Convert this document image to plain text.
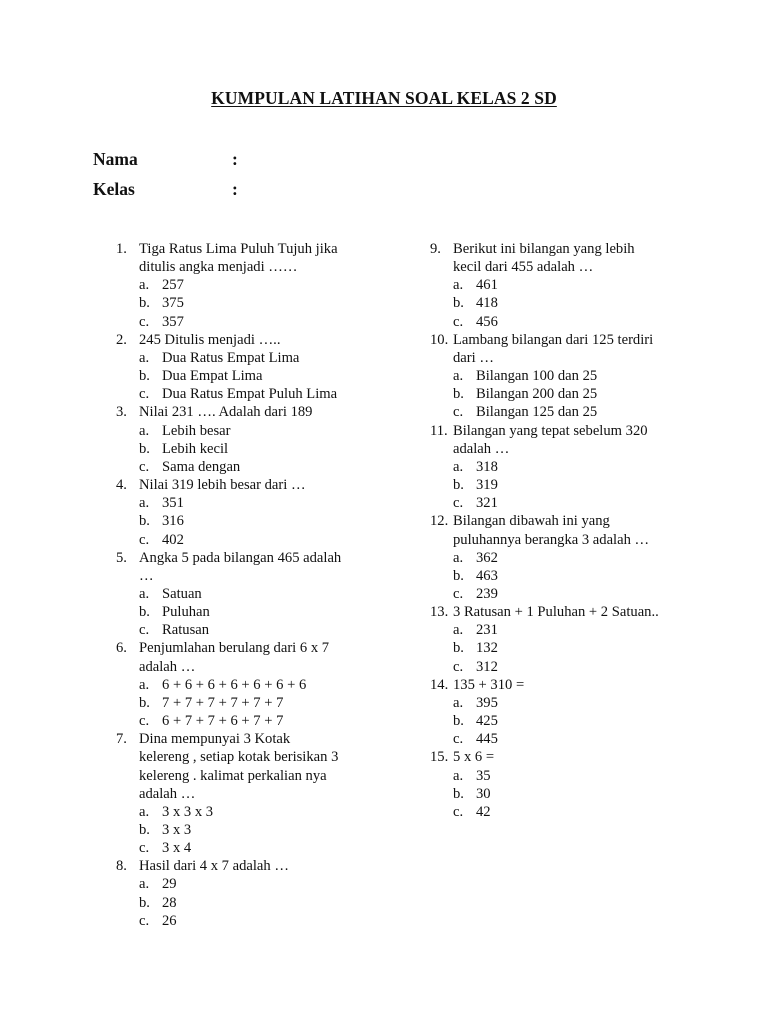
KUMPULAN LATIHAN SOAL KELAS 2 SD
Nama	:
Kelas	:
1. Tiga Ratus Lima Puluh Tujuh jika
ditulis angka menjadi ……
a. 257
b. 375
c. 357
2. 245 Ditulis menjadi …..
a. Dua Ratus Empat Lima
b. Dua Empat Lima
c. Dua Ratus Empat Puluh Lima
3. Nilai 231 …. Adalah dari 189
a. Lebih besar
b. Lebih kecil
c. Sama dengan
4. Nilai 319 lebih besar dari …
a. 351
b. 316
c. 402
5. Angka 5 pada bilangan 465 adalah
…
a. Satuan
b. Puluhan
c. Ratusan
6. Penjumlahan berulang dari 6 x 7
adalah …
a. 6 + 6 + 6 + 6 + 6 + 6 + 6
b. 7 + 7 + 7 + 7 + 7 + 7
c. 6 + 7 + 7 + 6 + 7 + 7
7. Dina mempunyai 3 Kotak
kelereng , setiap kotak berisikan 3
kelereng . kalimat perkalian nya
adalah …
a. 3 x 3 x 3
b. 3 x 3
c. 3 x 4
8. Hasil dari 4 x 7 adalah …
a. 29
b. 28
c. 26
9. Berikut ini bilangan yang lebih
kecil dari 455 adalah …
a. 461
b. 418
c. 456
10. Lambang bilangan dari 125 terdiri
dari …
a. Bilangan 100 dan 25
b. Bilangan 200 dan 25
c. Bilangan 125 dan 25
11. Bilangan yang tepat sebelum 320
adalah …
a. 318
b. 319
c. 321
12. Bilangan dibawah ini yang
puluhannya berangka 3 adalah …
a. 362
b. 463
c. 239
13. 3 Ratusan + 1 Puluhan + 2 Satuan..
a. 231
b. 132
c. 312
14. 135 + 310 =
a. 395
b. 425
c. 445
15. 5 x 6 =
a. 35
b. 30
c. 42
